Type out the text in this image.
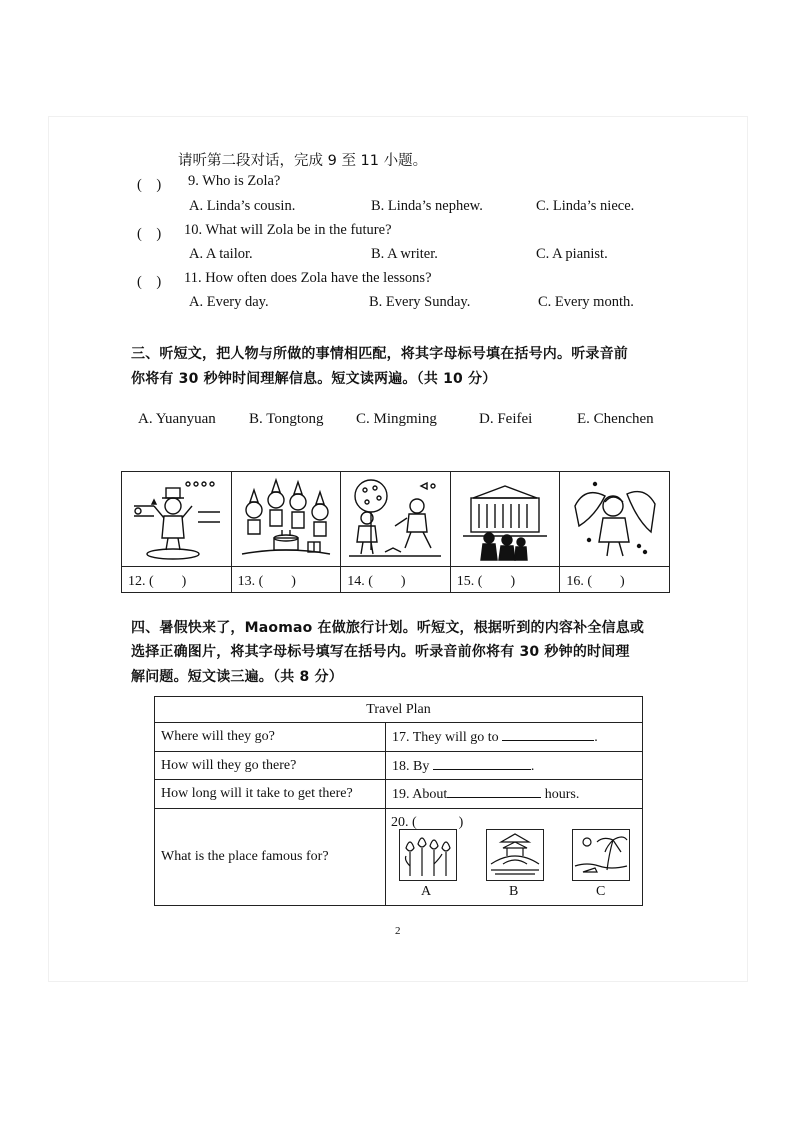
请听第二段对话，完成 9 至 11 小题。
(　) 9. Who is Zola?
A. Linda’s cousin.	B. Linda’s nephew.	C. Linda’s niece.
(　) 10. What will Zola be in the future?
A. A tailor.	B. A writer.	C. A pianist.
(　) 11. How often does Zola have the lessons?
A. Every day.	B. Every Sunday.	C. Every month.
三、听短文，把人物与所做的事情相匹配，将其字母标号填在括号内。听录音前
你将有 30 秒钟时间理解信息。短文读两遍。（共 10 分）
A. Yuanyuan B. Tongtong C. Mingming	D. Feifei	E. Chenchen

12. (　　)	13. (　　)	14. (　　)	15. (　　)	16. (　　)
四、暑假快来了，Maomao 在做旅行计划。听短文，根据听到的内容补全信息或
选择正确图片，将其字母标号填写在括号内。听录音前你将有 30 秒钟的时间理
解问题。短文读三遍。（共 8 分）
Travel Plan	
Where will they go?	17. They will go to .
How will they go there?	18. By .
How long will it take to get there?	19. About hours.
What is the place famous for?	
20. (　　　)
A	B	C
2
